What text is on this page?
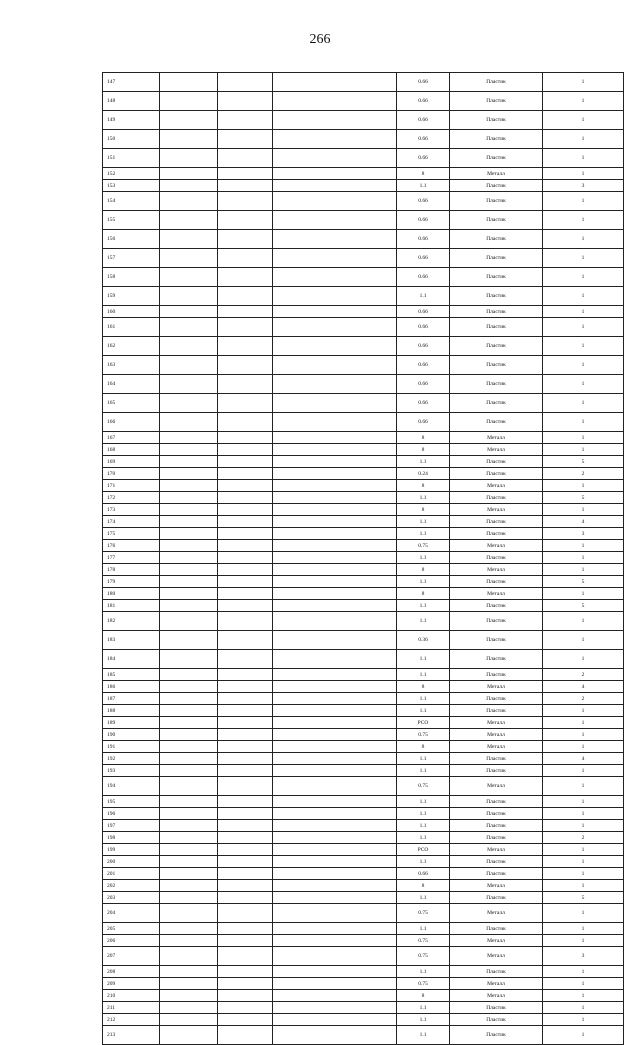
266
147				0.66	Пластик	1
148				0.66	Пластик	1
149				0.66	Пластик	1
150				0.66	Пластик	1
151				0.66	Пластик	1
152				8	Металл	1
153				1.1	Пластик	3
154				0.66	Пластик	1
155				0.66	Пластик	1
156				0.66	Пластик	1
157				0.66	Пластик	1
158				0.66	Пластик	1
159				1.1	Пластик	1
160				0.66	Пластик	1
161				0.66	Пластик	1
162				0.66	Пластик	1
163				0.66	Пластик	1
164				0.66	Пластик	1
165				0.66	Пластик	1
166				0.66	Пластик	1
167				8	Металл	1
168				8	Металл	1
169				1.1	Пластик	5
170				0.24	Пластик	2
171				8	Металл	1
172				1.1	Пластик	5
173				8	Металл	1
174				1.1	Пластик	4
175				1.1	Пластик	3
176				0.75	Металл	1
177				1.1	Пластик	1
178				8	Металл	1
179				1.1	Пластик	5
180				8	Металл	1
181				1.1	Пластик	5
182				1.1	Пластик	1
183				0.36	Пластик	1
184				1.1	Пластик	1
185				1.1	Пластик	2
186				8	Металл	4
187				1.1	Пластик	2
188				1.1	Пластик	1
189				РСО	Металл	1
190				0.75	Металл	1
191				8	Металл	1
192				1.1	Пластик	4
193				1.1	Пластик	1
194				0.75	Металл	1
195				1.1	Пластик	1
196				1.1	Пластик	1
197				1.1	Пластик	1
198				1.1	Пластик	2
199				РСО	Металл	1
200				1.1	Пластик	1
201				0.66	Пластик	1
202				8	Металл	1
203				1.1	Пластик	5
204				0.75	Металл	1
205				1.1	Пластик	1
206				0.75	Металл	1
207				0.75	Металл	3
208				1.1	Пластик	1
209				0.75	Металл	1
210				8	Металл	1
211				1.1	Пластик	1
212				1.1	Пластик	1
213				1.1	Пластик	1
